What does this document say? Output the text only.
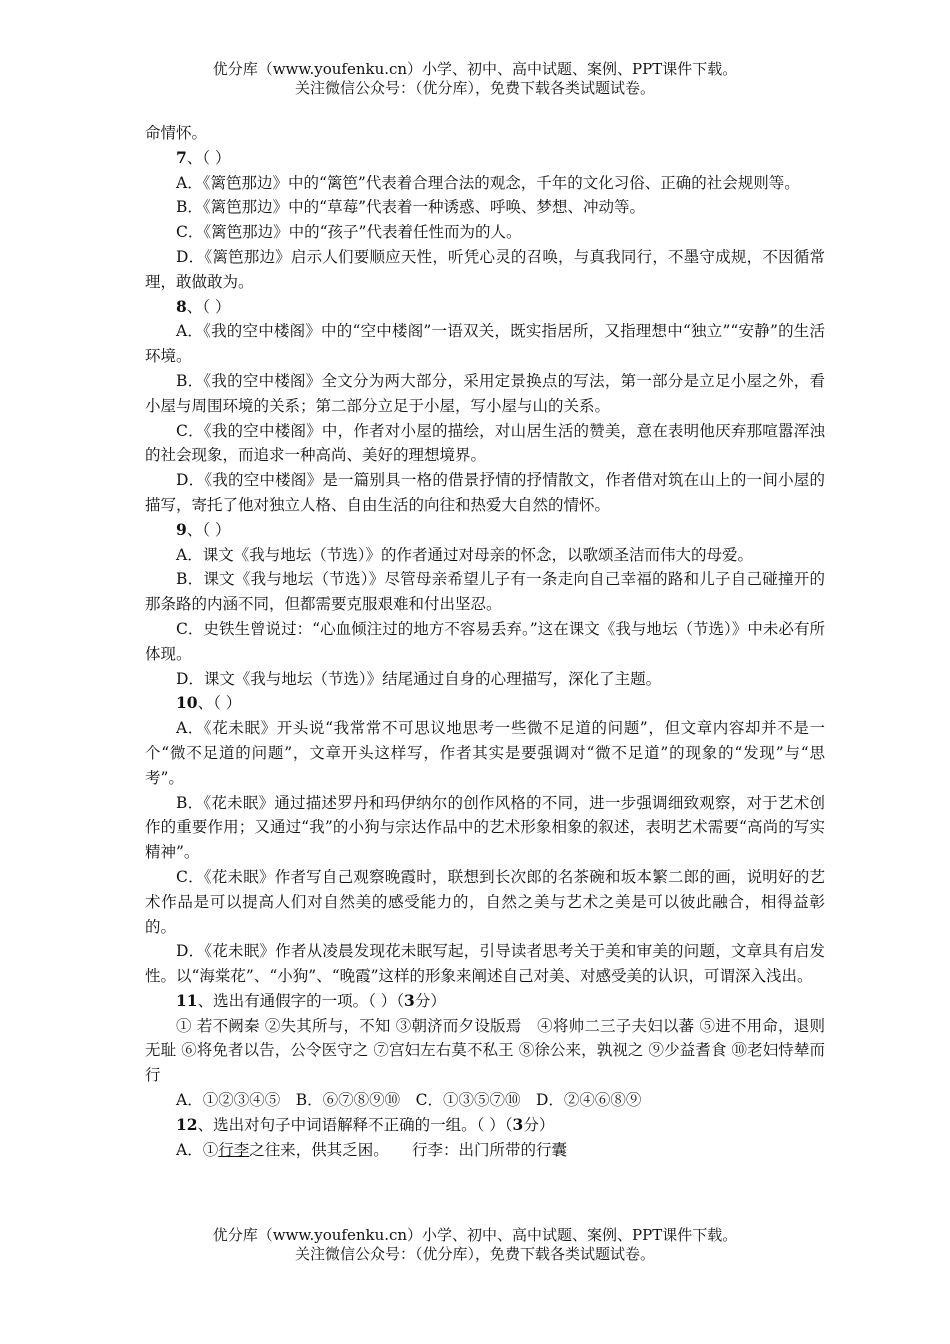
优分库（www.youfenku.cn）小学、初中、高中试题、案例、PPT课件下载。
关注微信公众号：（优分库），免费下载各类试题试卷。

命情怀。

7、（ ）

A．《篱笆那边》中的“篱笆”代表着合理合法的观念，千年的文化习俗、正确的社会规则等。

B．《篱笆那边》中的“草莓”代表着一种诱惑、呼唤、梦想、冲动等。

C．《篱笆那边》中的“孩子”代表着任性而为的人。

D．《篱笆那边》启示人们要顺应天性，听凭心灵的召唤，与真我同行，不墨守成规，不因循常理，敢做敢为。

8、（ ）

A．《我的空中楼阁》中的“空中楼阁”一语双关，既实指居所，又指理想中“独立”“安静”的生活环境。

B．《我的空中楼阁》全文分为两大部分，采用定景换点的写法，第一部分是立足小屋之外，看小屋与周围环境的关系；第二部分立足于小屋，写小屋与山的关系。

C．《我的空中楼阁》中，作者对小屋的描绘，对山居生活的赞美，意在表明他厌弃那喧嚣浑浊的社会现象，而追求一种高尚、美好的理想境界。

D．《我的空中楼阁》是一篇别具一格的借景抒情的抒情散文，作者借对筑在山上的一间小屋的描写，寄托了他对独立人格、自由生活的向往和热爱大自然的情怀。

9、（ ）

A．课文《我与地坛（节选）》的作者通过对母亲的怀念，以歌颂圣洁而伟大的母爱。

B．课文《我与地坛（节选）》尽管母亲希望儿子有一条走向自己幸福的路和儿子自己碰撞开的那条路的内涵不同，但都需要克服艰难和付出坚忍。

C．史铁生曾说过：“心血倾注过的地方不容易丢弃。”这在课文《我与地坛（节选）》中未必有所体现。

D．课文《我与地坛（节选）》结尾通过自身的心理描写，深化了主题。

10、（ ）

A．《花未眠》开头说“我常常不可思议地思考一些微不足道的问题”，但文章内容却并不是一个“微不足道的问题”，文章开头这样写，作者其实是要强调对“微不足道”的现象的“发现”与“思考”。

B．《花未眠》通过描述罗丹和玛伊纳尔的创作风格的不同，进一步强调细致观察，对于艺术创作的重要作用；又通过“我”的小狗与宗达作品中的艺术形象相象的叙述，表明艺术需要“高尚的写实精神”。

C．《花未眠》作者写自己观察晚霞时，联想到长次郎的名茶碗和坂本繁二郎的画，说明好的艺术作品是可以提高人们对自然美的感受能力的，自然之美与艺术之美是可以彼此融合，相得益彰的。

D．《花未眠》作者从凌晨发现花未眠写起，引导读者思考关于美和审美的问题，文章具有启发性。以“海棠花”、“小狗”、“晚霞”这样的形象来阐述自己对美、对感受美的认识，可谓深入浅出。

11、选出有通假字的一项。（ ）（3分）

① 若不阙秦 ②失其所与，不知 ③朝济而夕设版焉　④将帅二三子夫妇以蕃 ⑤进不用命，退则无耻 ⑥将免者以告，公令医守之 ⑦宫妇左右莫不私王 ⑧徐公来，孰视之 ⑨少益耆食 ⑩老妇恃辇而行

A．①②③④⑤　B．⑥⑦⑧⑨⑩　C．①③⑤⑦⑩　D．②④⑥⑧⑨

12、选出对句子中词语解释不正确的一组。（ ）（3分）

A．①行李之往来，供其乏困。　　行李：出门所带的行囊

优分库（www.youfenku.cn）小学、初中、高中试题、案例、PPT课件下载。
关注微信公众号：（优分库），免费下载各类试题试卷。
